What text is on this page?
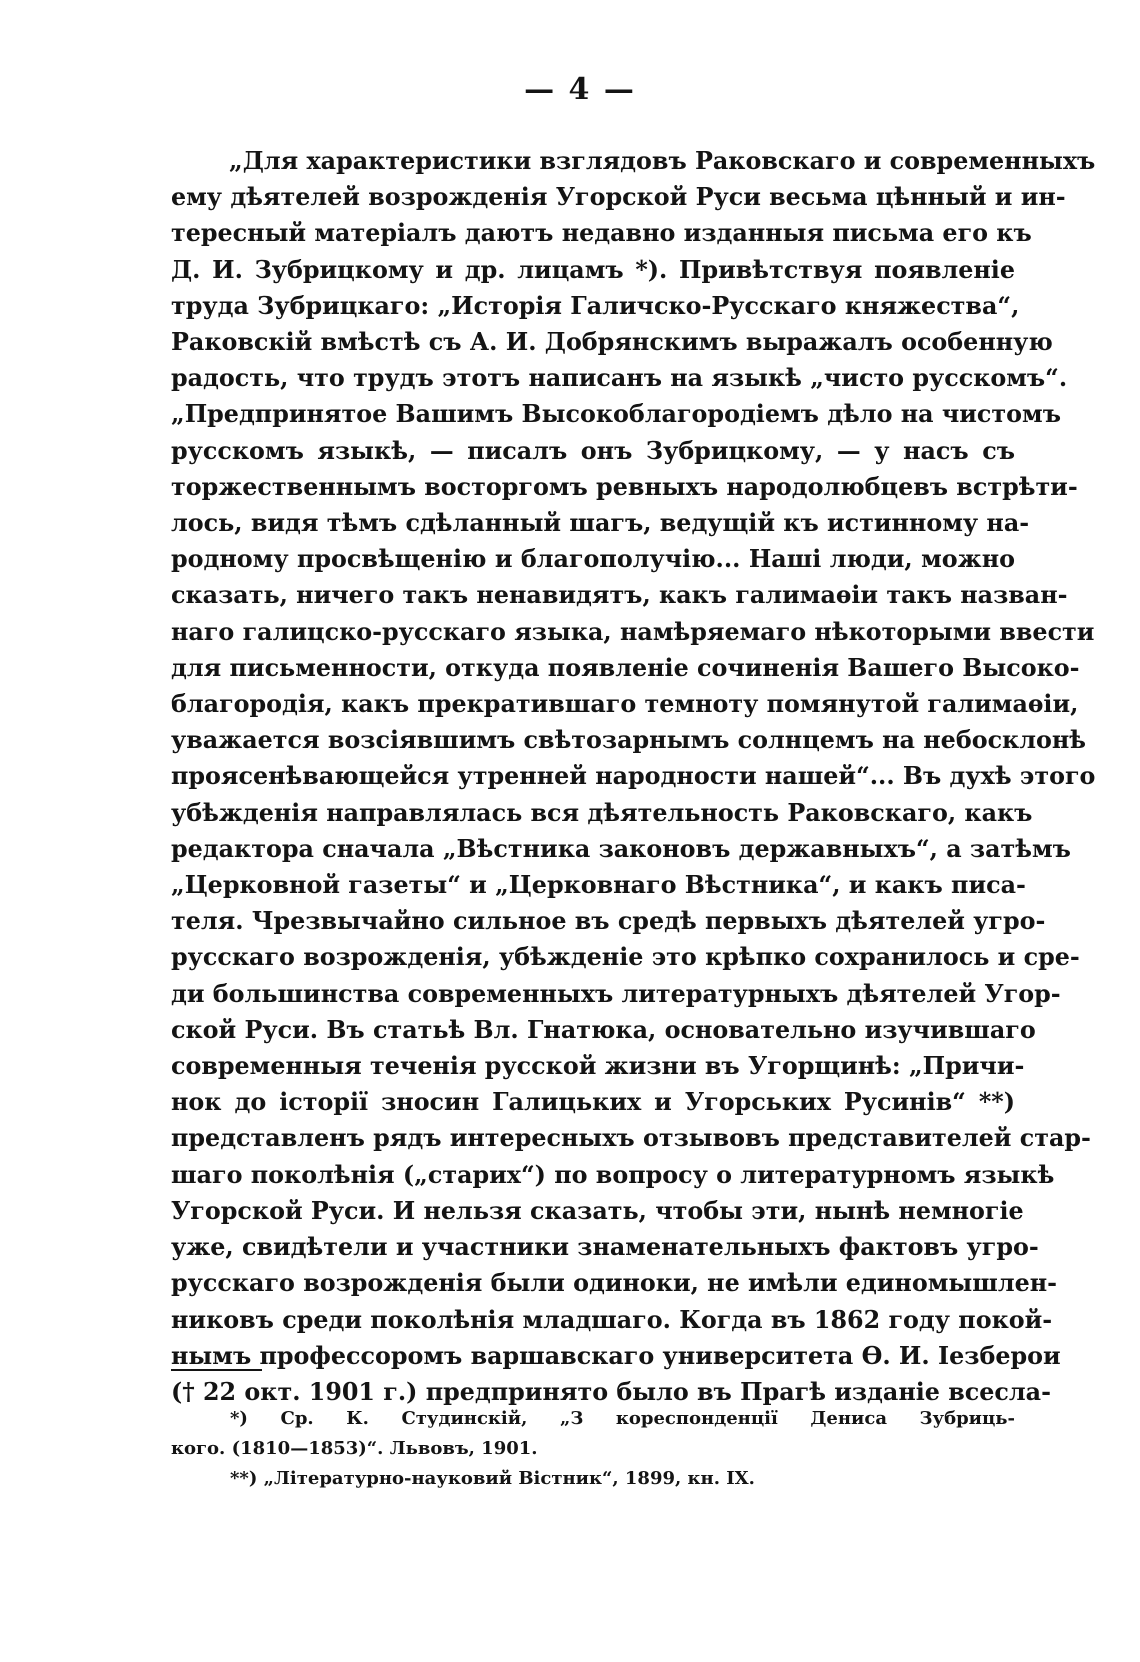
— 4 —
„Для характеристики взглядовъ Раковскаго и современныхъ
ему дѣятелей возрожденія Угорской Руси весьма цѣнный и ин-
тересный матеріалъ даютъ недавно изданныя письма его къ
Д. И. Зубрицкому и др. лицамъ *). Привѣтствуя появленіе
труда Зубрицкаго: „Исторія Галичско-Русскаго княжества“,
Раковскій вмѣстѣ съ А. И. Добрянскимъ выражалъ особенную
радость, что трудъ этотъ написанъ на языкѣ „чисто русскомъ“.
„Предпринятое Вашимъ Высокоблагородіемъ дѣло на чистомъ
русскомъ языкѣ, — писалъ онъ Зубрицкому, — у насъ съ
торжественнымъ восторгомъ ревныхъ народолюбцевъ встрѣти-
лось, видя тѣмъ сдѣланный шагъ, ведущій къ истинному на-
родному просвѣщенію и благополучію... Наші люди, можно
сказать, ничего такъ ненавидятъ, какъ галимаѳіи такъ назван-
наго галицско-русскаго языка, намѣряемаго нѣкоторыми ввести
для письменности, откуда появленіе сочиненія Вашего Высоко-
благородія, какъ прекратившаго темноту помянутой галимаѳіи,
уважается возсіявшимъ свѣтозарнымъ солнцемъ на небосклонѣ
проясенѣвающейся утренней народности нашей“... Въ духѣ этого
убѣжденія направлялась вся дѣятельность Раковскаго, какъ
редактора сначала „Вѣстника законовъ державныхъ“, а затѣмъ
„Церковной газеты“ и „Церковнаго Вѣстника“, и какъ писа-
теля. Чрезвычайно сильное въ средѣ первыхъ дѣятелей угро-
русскаго возрожденія, убѣжденіе это крѣпко сохранилось и сре-
ди большинства современныхъ литературныхъ дѣятелей Угор-
ской Руси. Въ статьѣ Вл. Гнатюка, основательно изучившаго
современныя теченія русской жизни въ Угорщинѣ: „Причи-
нок до історії зносин Галицьких и Угорських Русинів“ **)
представленъ рядъ интересныхъ отзывовъ представителей стар-
шаго поколѣнія („старих“) по вопросу о литературномъ языкѣ
Угорской Руси. И нельзя сказать, чтобы эти, нынѣ немногіе
уже, свидѣтели и участники знаменательныхъ фактовъ угро-
русскаго возрожденія были одиноки, не имѣли единомышлен-
никовъ среди поколѣнія младшаго. Когда въ 1862 году покой-
нымъ профессоромъ варшавскаго университета Ѳ. И. Іезберои
(† 22 окт. 1901 г.) предпринято было въ Прагѣ изданіе всесла-
*) Ср. К. Студинскій, „З кореспонденції Дениса Зубриць-
кого. (1810—1853)“. Львовъ, 1901.
**) „Літературно-науковий Вістник“, 1899, кн. IX.
